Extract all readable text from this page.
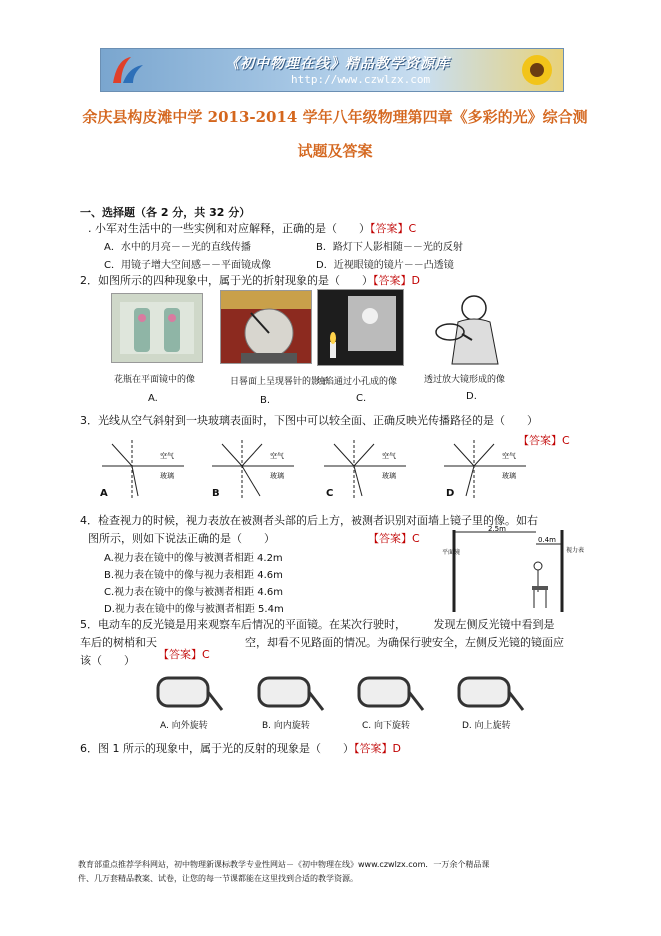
《初中物理在线》精品教学资源库
http://www.czwlzx.com
余庆县构皮滩中学 2013-2014 学年八年级物理第四章《多彩的光》综合测
试题及答案
一、选择题（各 2 分，共 32 分）
. 小军对生活中的一些实例和对应解释，正确的是（　　）【答案】C
A．水中的月亮－－光的直线传播	B．路灯下人影相随－－光的反射
C．用镜子增大空间感－－平面镜成像	D．近视眼镜的镜片－－凸透镜
2．如图所示的四种现象中，属于光的折射现象的是（　　）【答案】D
花瓶在平面镜中的像	日晷面上呈现晷针的影子
烛焰通过小孔成的像	透过放大镜形成的像
A.	B.	C.	D.
3．光线从空气斜射到一块玻璃表面时，下图中可以较全面、正确反映光传播路径的是（　　）
【答案】C
空气
玻璃
空气
玻璃
空气
玻璃
空气
玻璃
A	B	C	D
4．检查视力的时候，视力表放在被测者头部的后上方，被测者识别对面墙上镜子里的像。如右
图所示，则如下说法正确的是（　　）	【答案】C
A.视力表在镜中的像与被测者相距 4.2m
B.视力表在镜中的像与视力表相距 4.6m
C.视力表在镜中的像与被测者相距 4.6m
D.视力表在镜中的像与被测者相距 5.4m
2.5m
0.4m
平面镜	视力表
5．电动车的反光镜是用来观察车后情况的平面镜。在某次行驶时，　　　发现左侧反光镜中看到是
车后的树梢和天　　　　　　　　空，却看不见路面的情况。为确保行驶安全，左侧反光镜的镜面应
该（　　） 【答案】C
A. 向外旋转	B. 向内旋转	C. 向下旋转	D. 向上旋转
6．图 1 所示的现象中，属于光的反射的现象是（　　）【答案】D
教育部重点推荐学科网站，初中物理新课标教学专业性网站－《初中物理在线》www.czwlzx.com．一万余个精品课
件、几万套精品教案、试卷，让您的每一节课都能在这里找到合适的教学资源。
